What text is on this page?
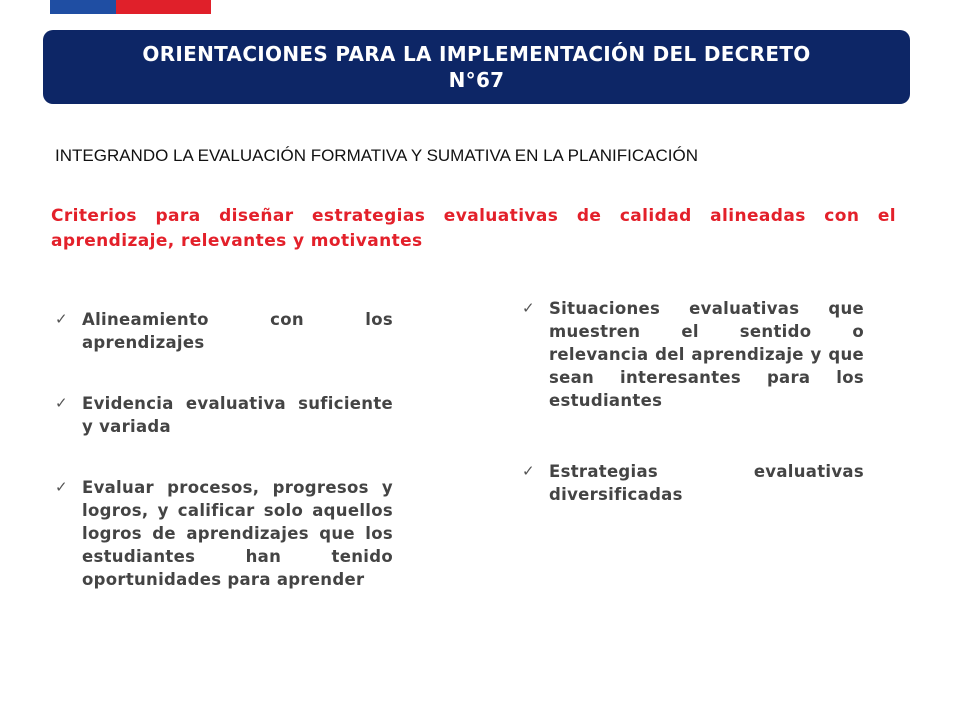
ORIENTACIONES PARA LA IMPLEMENTACIÓN DEL DECRETO N°67
INTEGRANDO LA EVALUACIÓN FORMATIVA Y SUMATIVA EN LA PLANIFICACIÓN
Criterios para diseñar estrategias evaluativas de calidad alineadas con el aprendizaje, relevantes y motivantes
✓ Alineamiento con los aprendizajes
✓ Evidencia evaluativa suficiente y variada
✓ Evaluar procesos, progresos y logros, y calificar solo aquellos logros de aprendizajes que los estudiantes han tenido oportunidades para aprender
✓ Situaciones evaluativas que muestren el sentido o relevancia del aprendizaje y que sean interesantes para los estudiantes
✓ Estrategias evaluativas diversificadas
